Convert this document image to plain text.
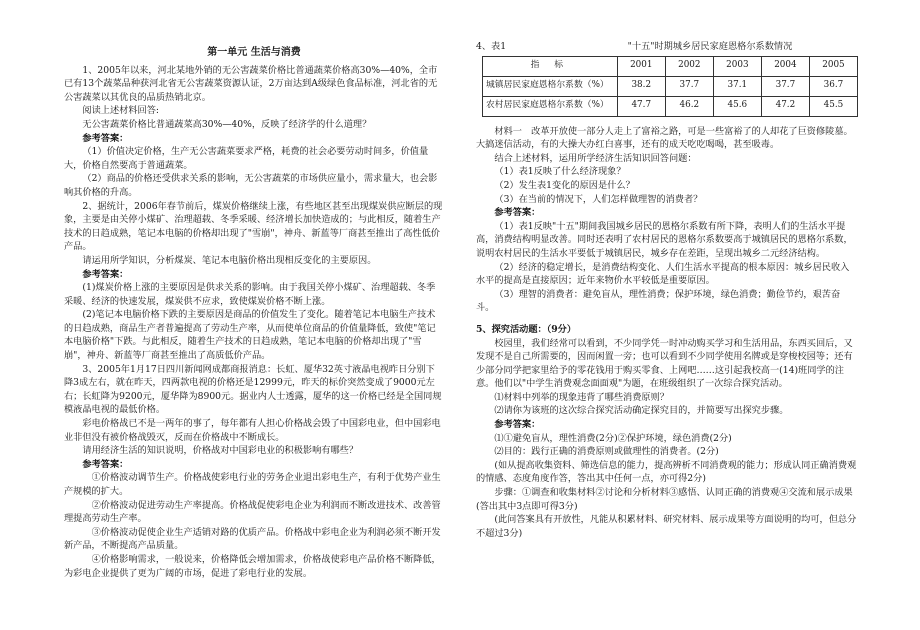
第一单元 生活与消费

1、2005年以来，河北某地外销的无公害蔬菜价格比普通蔬菜价格高30%—40%，全市已有13个蔬菜品种获河北省无公害蔬菜资源认证，2万亩达到A级绿色食品标准，河北省的无公害蔬菜以其优良的品质热销北京。

阅读上述材料回答:

无公害蔬菜价格比普通蔬菜高30%—40%，反映了经济学的什么道理？

参考答案：

（1）价值决定价格，生产无公害蔬菜要求严格，耗费的社会必要劳动时间多，价值量大，价格自然要高于普通蔬菜。

（2）商品的价格还受供求关系的影响，无公害蔬菜的市场供应量小，需求量大，也会影响其价格的升高。

2、据统计，2006年春节前后，煤炭价格继续上涨，有些地区甚至出现煤炭供应断层的现象，主要是由关停小煤矿、治理超载、冬季采暖、经济增长加快造成的；与此相反，随着生产技术的日趋成熟，笔记本电脑的价格却出现了"雪崩"，神舟、新蓝等厂商甚至推出了高性低价产品。

请运用所学知识，分析煤炭、笔记本电脑价格出现相反变化的主要原因。

参考答案：

(1)煤炭价格上涨的主要原因是供求关系的影响。由于我国关停小煤矿、治理超载、冬季采暖、经济的快速发展，煤炭供不应求，致使煤炭价格不断上涨。

(2)笔记本电脑价格下跌的主要原因是商品的价值发生了变化。随着笔记本电脑生产技术的日趋成熟，商品生产者普遍提高了劳动生产率，从而使单位商品的价值量降低，致使"笔记本电脑价格"下跌。与此相反，随着生产技术的日趋成熟，笔记本电脑的价格却出现了"雪崩"，神舟、新蓝等厂商甚至推出了高质低价产品。

3、2005年1月17日四川新闻网成都商报消息：长虹、厦华32英寸液晶电视昨日分别下降3成左右，就在昨天，四两款电视的价格还是12999元，昨天的标价突然变成了9000元左右；长虹降为9200元，厦华降为8900元。据业内人士透露，厦华的这一价格已经是全国同规模液晶电视的最低价格。

彩电价格战已不是一两年的事了，每年都有人担心价格战会毁了中国彩电业，但中国彩电业非但没有被价格战毁灭，反而在价格战中不断成长。

请用经济生活的知识说明，价格战对中国彩电业的积极影响有哪些？

参考答案：

①价格波动调节生产。价格战使彩电行业的劳务企业退出彩电生产，有利于优势产业生产规模的扩大。

②价格波动促进劳动生产率提高。价格战促使彩电企业为利润而不断改进技术、改善管理提高劳动生产率。

③价格波动促使企业生产适销对路的优质产品。价格战中彩电企业为利润必须不断开发新产品，不断提高产品质量。

④价格影响需求，一般说来，价格降低会增加需求，价格战使彩电产品价格不断降低，为彩电企业提供了更为广阔的市场，促进了彩电行业的发展。

4、表1	"十五"时期城乡居民家庭恩格尔系数情况
指 标	2001	2002	2003	2004	2005
城镇居民家庭恩格尔系数（%）	38.2	37.7	37.1	37.7	36.7
农村居民家庭恩格尔系数（%）	47.7	46.2	45.6	47.2	45.5

材料一　改革开放使一部分人走上了富裕之路，可是一些富裕了的人却花了巨资修陵墓。大搞迷信活动，有的大操大办红白喜事，还有的成天吃吃喝喝，甚至吸毒。

结合上述材料，运用所学经济生活知识回答问题：

（1）表1反映了什么经济现象？

（2）发生表1变化的原因是什么？

（3）在当前的情况下，人们怎样做理智的消费者？

参考答案：

（1）表1反映"十五"期间我国城乡居民的恩格尔系数有所下降，表明人们的生活水平提高，消费结构明显改善。同时还表明了农村居民的恩格尔系数要高于城镇居民的恩格尔系数，说明农村居民的生活水平要低于城镇居民，城乡存在差距，呈现出城乡二元经济结构。

（2）经济的稳定增长，是消费结构变化、人们生活水平提高的根本原因：城乡居民收入水平的提高是直接原因；近年来物价水平较低是重要原因。

（3）理智的消费者：避免盲从，理性消费；保护环境，绿色消费；勤俭节约，艰苦奋斗。

5、探究活动题：（9分）

校园里，我们经常可以看到，不少同学凭一时冲动购买学习和生活用品，东西买回后，又发现不是自己所需要的，因而闲置一旁；也可以看到不少同学使用名牌或是穿梭校园等；还有少部分同学把家里给予的零花钱用于购买零食、上网吧……这引起我校高一(14)班同学的注意。他们以"中学生消费观念面面观"为题，在班级组织了一次综合探究活动。

⑴材料中列举的现象违背了哪些消费原则？

⑵请你为该班的这次综合探究活动确定探究目的，并简要写出探究步骤。

参考答案：

⑴①避免盲从，理性消费(2分)②保护环境，绿色消费(2分)

⑵目的：践行正确的消费原则或做理性的消费者。(2分)

(如从提高收集资料、筛选信息的能力，提高辨析不同消费观的能力；形成认同正确消费观的情感、态度角度作答，答出其中任何一点，亦可得2分)

步骤：①调查和收集材料②讨论和分析材料③感悟、认同正确的消费观④交流和展示成果(答出其中3点即可得3分)

(此问答案具有开放性，凡能从积累材料、研究材料、展示成果等方面说明的均可，但总分不超过3分)
